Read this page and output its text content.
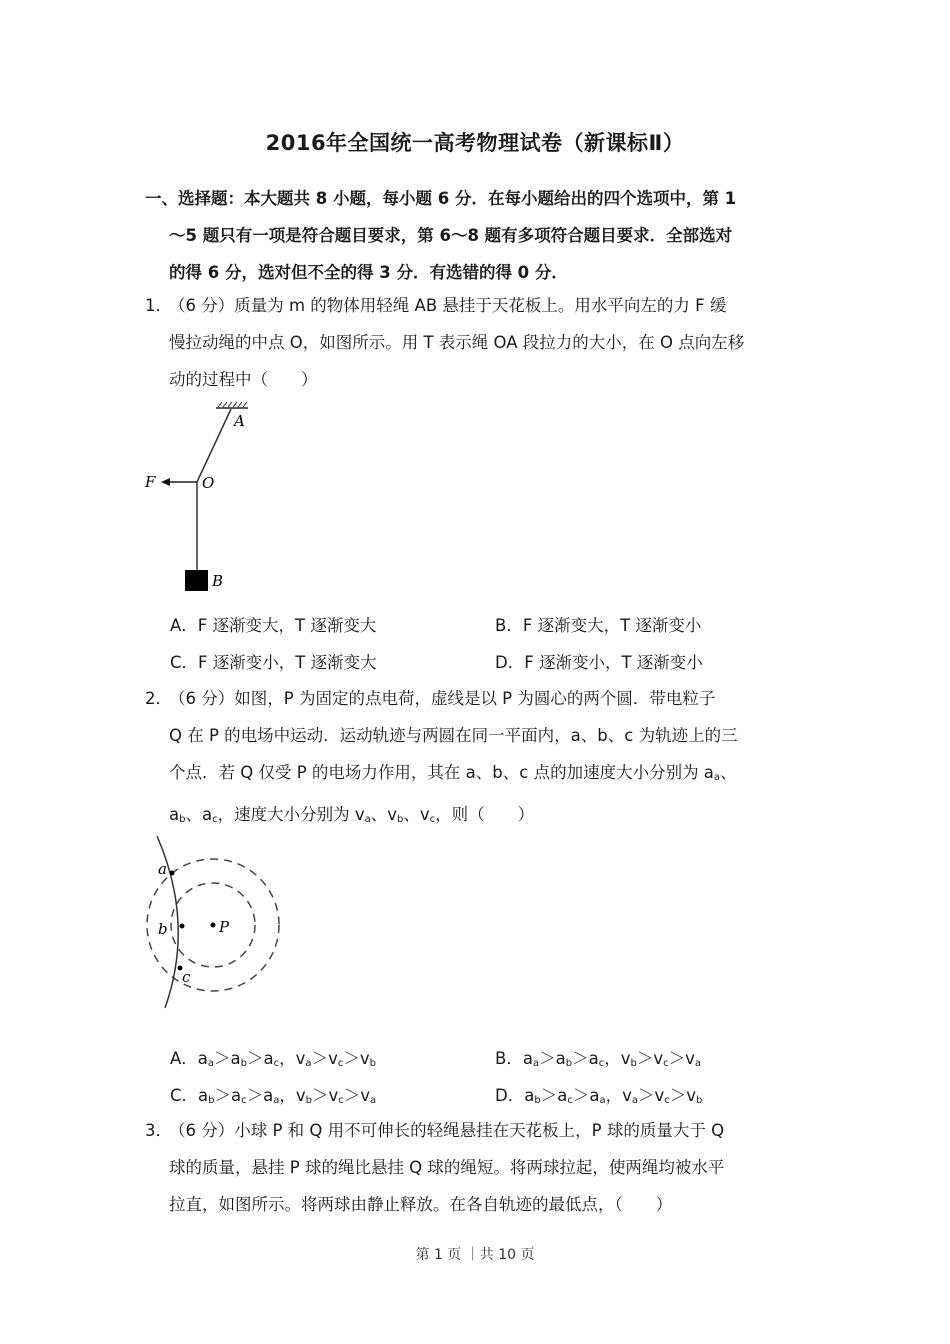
2016年全国统一高考物理试卷（新课标Ⅱ）
一、选择题：本大题共 8 小题，每小题 6 分．在每小题给出的四个选项中，第 1
～5 题只有一项是符合题目要求，第 6～8 题有多项符合题目要求．全部选对
的得 6 分，选对但不全的得 3 分．有选错的得 0 分．
1．（6 分）质量为 m 的物体用轻绳 AB 悬挂于天花板上。用水平向左的力 F 缓
慢拉动绳的中点 O，如图所示。用 T 表示绳 OA 段拉力的大小，在 O 点向左移
动的过程中（　　）
A
O
F
B
A．F 逐渐变大，T 逐渐变大	B．F 逐渐变大，T 逐渐变小
C．F 逐渐变小，T 逐渐变大	D．F 逐渐变小，T 逐渐变小
2．（6 分）如图，P 为固定的点电荷，虚线是以 P 为圆心的两个圆．带电粒子
Q 在 P 的电场中运动．运动轨迹与两圆在同一平面内，a、b、c 为轨迹上的三
个点．若 Q 仅受 P 的电场力作用，其在 a、b、c 点的加速度大小分别为 $a_a$、
$a_b$、$a_c$，速度大小分别为 $v_a$、$v_b$、$v_c$，则（　　）
a
b
c
P
A．$a_a>a_b>a_c$，$v_a>v_c>v_b$	B．$a_a>a_b>a_c$，$v_b>v_c>v_a$
C．$a_b>a_c>a_a$，$v_b>v_c>v_a$	D．$a_b>a_c>a_a$，$v_a>v_c>v_b$
3．（6 分）小球 P 和 Q 用不可伸长的轻绳悬挂在天花板上，P 球的质量大于 Q
球的质量，悬挂 P 球的绳比悬挂 Q 球的绳短。将两球拉起，使两绳均被水平
拉直，如图所示。将两球由静止释放。在各自轨迹的最低点，（　　）
第 1 页 ｜共 10 页
